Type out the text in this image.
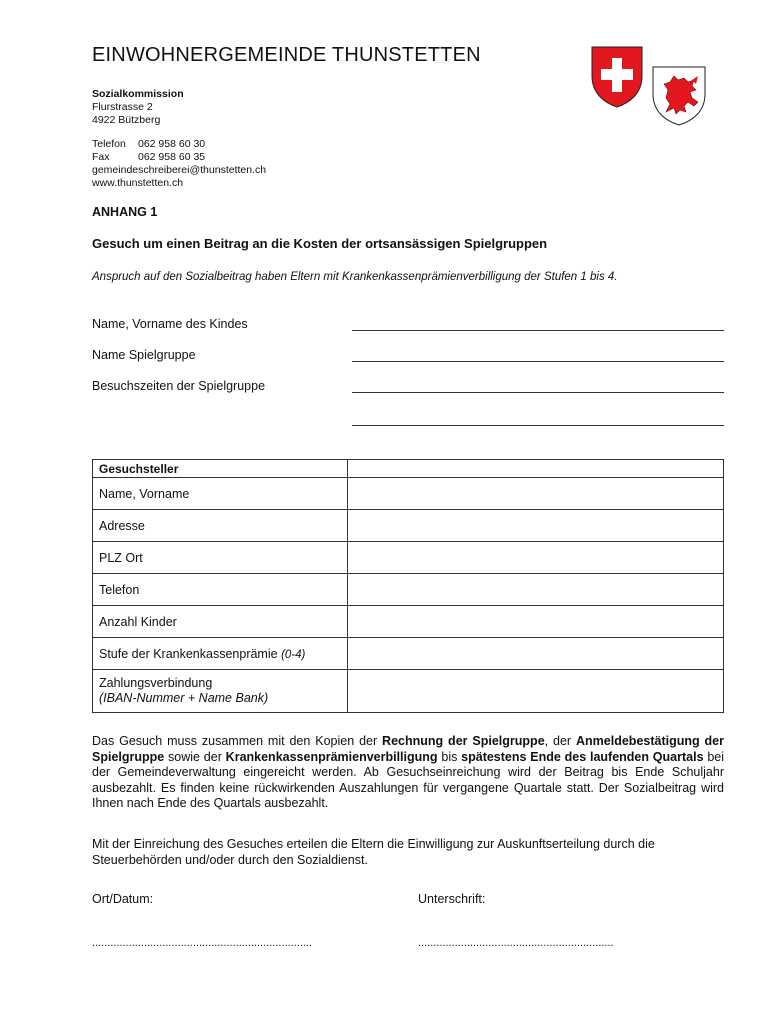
EINWOHNERGEMEINDE THUNSTETTEN
Sozialkommission
Flurstrasse 2
4922 Bützberg
Telefon 062 958 60 30
Fax	062 958 60 35
gemeindeschreiberei@thunstetten.ch
www.thunstetten.ch
ANHANG 1
Gesuch um einen Beitrag an die Kosten der ortsansässigen Spielgruppen
Anspruch auf den Sozialbeitrag haben Eltern mit Krankenkassenprämienverbilligung der Stufen 1 bis 4.
Name, Vorname des Kindes
Name Spielgruppe
Besuchszeiten der Spielgruppe
Gesuchsteller	
Name, Vorname	
Adresse	
PLZ Ort	
Telefon	
Anzahl Kinder	
Stufe der Krankenkassenprämie (0-4)	

Zahlungsverbindung
(IBAN-Nummer + Name Bank)	

Das Gesuch muss zusammen mit den Kopien der Rechnung der Spielgruppe, der Anmeldebestätigung der Spielgruppe sowie der Krankenkassenprämienverbilligung bis spätestens Ende des laufenden Quartals bei der Gemeindeverwaltung eingereicht werden. Ab Gesuchseinreichung wird der Beitrag bis Ende Schuljahr ausbezahlt. Es finden keine rückwirkenden Auszahlungen für vergangene Quartale statt. Der Sozialbeitrag wird Ihnen nach Ende des Quartals ausbezahlt.
Mit der Einreichung des Gesuches erteilen die Eltern die Einwilligung zur Auskunftserteilung durch die Steuerbehörden und/oder durch den Sozialdienst.
Ort/Datum:	Unterschrift:
........................................................................	................................................................
